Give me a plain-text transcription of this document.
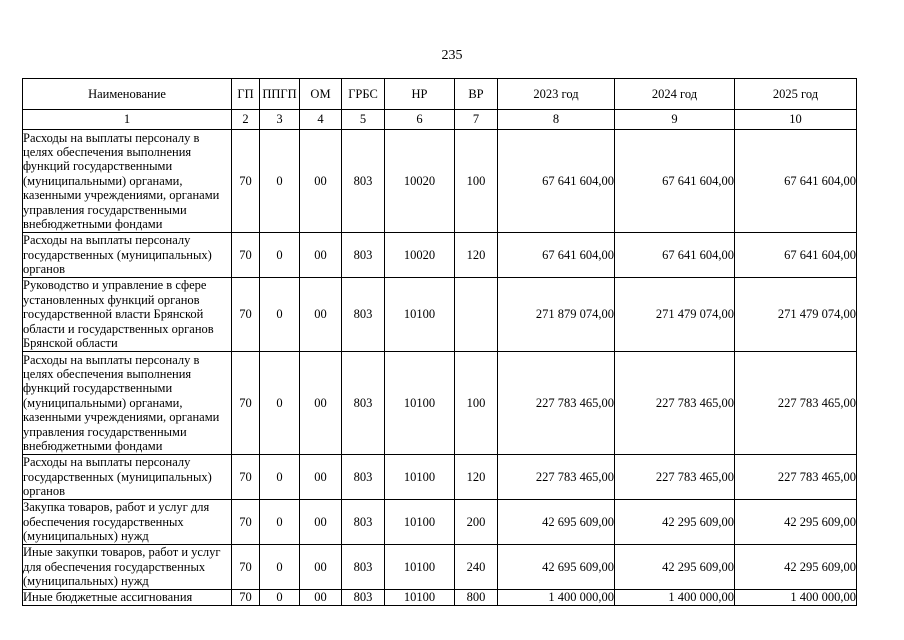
235
Наименование	ГП	ППГП	ОМ	ГРБС	НР	ВР	2023 год	2024 год	2025 год
1	2	3	4	5	6	7	8	9	10
Расходы на выплаты персоналу в целях обеспечения выполнения функций государственными (муниципальными) органами, казенными учреждениями, органами управления государственными внебюджетными фондами	70	0	00	803	10020	100	67 641 604,00	67 641 604,00	67 641 604,00
Расходы на выплаты персоналу государственных (муниципальных) органов	70	0	00	803	10020	120	67 641 604,00	67 641 604,00	67 641 604,00
Руководство и управление в сфере установленных функций органов государственной власти Брянской области и государственных органов Брянской области	70	0	00	803	10100		271 879 074,00	271 479 074,00	271 479 074,00
Расходы на выплаты персоналу в целях обеспечения выполнения функций государственными (муниципальными) органами, казенными учреждениями, органами управления государственными внебюджетными фондами	70	0	00	803	10100	100	227 783 465,00	227 783 465,00	227 783 465,00
Расходы на выплаты персоналу государственных (муниципальных) органов	70	0	00	803	10100	120	227 783 465,00	227 783 465,00	227 783 465,00
Закупка товаров, работ и услуг для обеспечения государственных (муниципальных) нужд	70	0	00	803	10100	200	42 695 609,00	42 295 609,00	42 295 609,00
Иные закупки товаров, работ и услуг для обеспечения государственных (муниципальных) нужд	70	0	00	803	10100	240	42 695 609,00	42 295 609,00	42 295 609,00
Иные бюджетные ассигнования	70	0	00	803	10100	800	1 400 000,00	1 400 000,00	1 400 000,00
